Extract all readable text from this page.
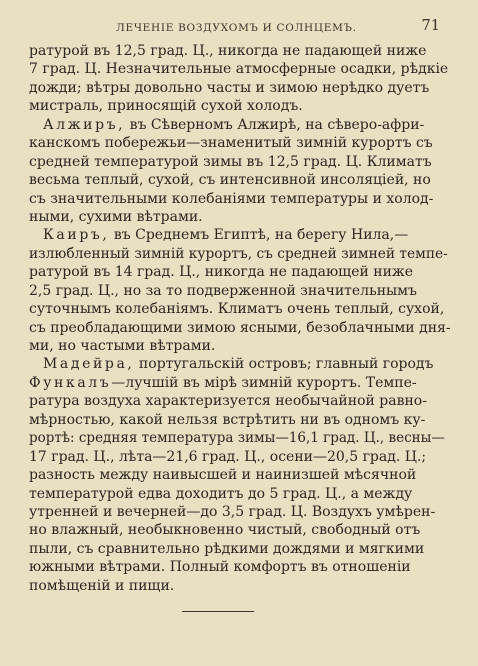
ЛЕЧЕНІЕ ВОЗДУХОМЪ И СОЛНЦЕМЪ.	71
ратурой въ 12,5 град. Ц., никогда не падающей ниже
7 град. Ц. Незначительные атмосферные осадки, рѣдкіе
дожди; вѣтры довольно часты и зимою нерѣдко дуетъ
мистраль, приносящій сухой холодъ.
Алжиръ, въ Сѣверномъ Алжирѣ, на сѣверо-афри-
канскомъ побережьи—знаменитый зимній курортъ съ
средней температурой зимы въ 12,5 град. Ц. Климатъ
весьма теплый, сухой, съ интенсивной инсоляціей, но
съ значительными колебаніями температуры и холод-
ными, сухими вѣтрами.
Каиръ, въ Среднемъ Египтѣ, на берегу Нила,—
излюбленный зимній курортъ, съ средней зимней темпе-
ратурой въ 14 град. Ц., никогда не падающей ниже
2,5 град. Ц., но за то подверженной значительнымъ
суточнымъ колебаніямъ. Климатъ очень теплый, сухой,
съ преобладающими зимою ясными, безоблачными дня-
ми, но частыми вѣтрами.
Мадейра, португальскій островъ; главный городъ
Функалъ—лучшій въ мірѣ зимній курортъ. Темпе-
ратура воздуха характеризуется необычайной равно-
мѣрностью, какой нельзя встрѣтить ни въ одномъ ку-
рортѣ: средняя температура зимы—16,1 град. Ц., весны—
17 град. Ц., лѣта—21,6 град. Ц., осени—20,5 град. Ц.;
разность между наивысшей и наинизшей мѣсячной
температурой едва доходитъ до 5 град. Ц., а между
утренней и вечерней—до 3,5 град. Ц. Воздухъ умѣрен-
но влажный, необыкновенно чистый, свободный отъ
пыли, съ сравнительно рѣдкими дождями и мягкими
южными вѣтрами. Полный комфортъ въ отношеніи
помѣщеній и пищи.
